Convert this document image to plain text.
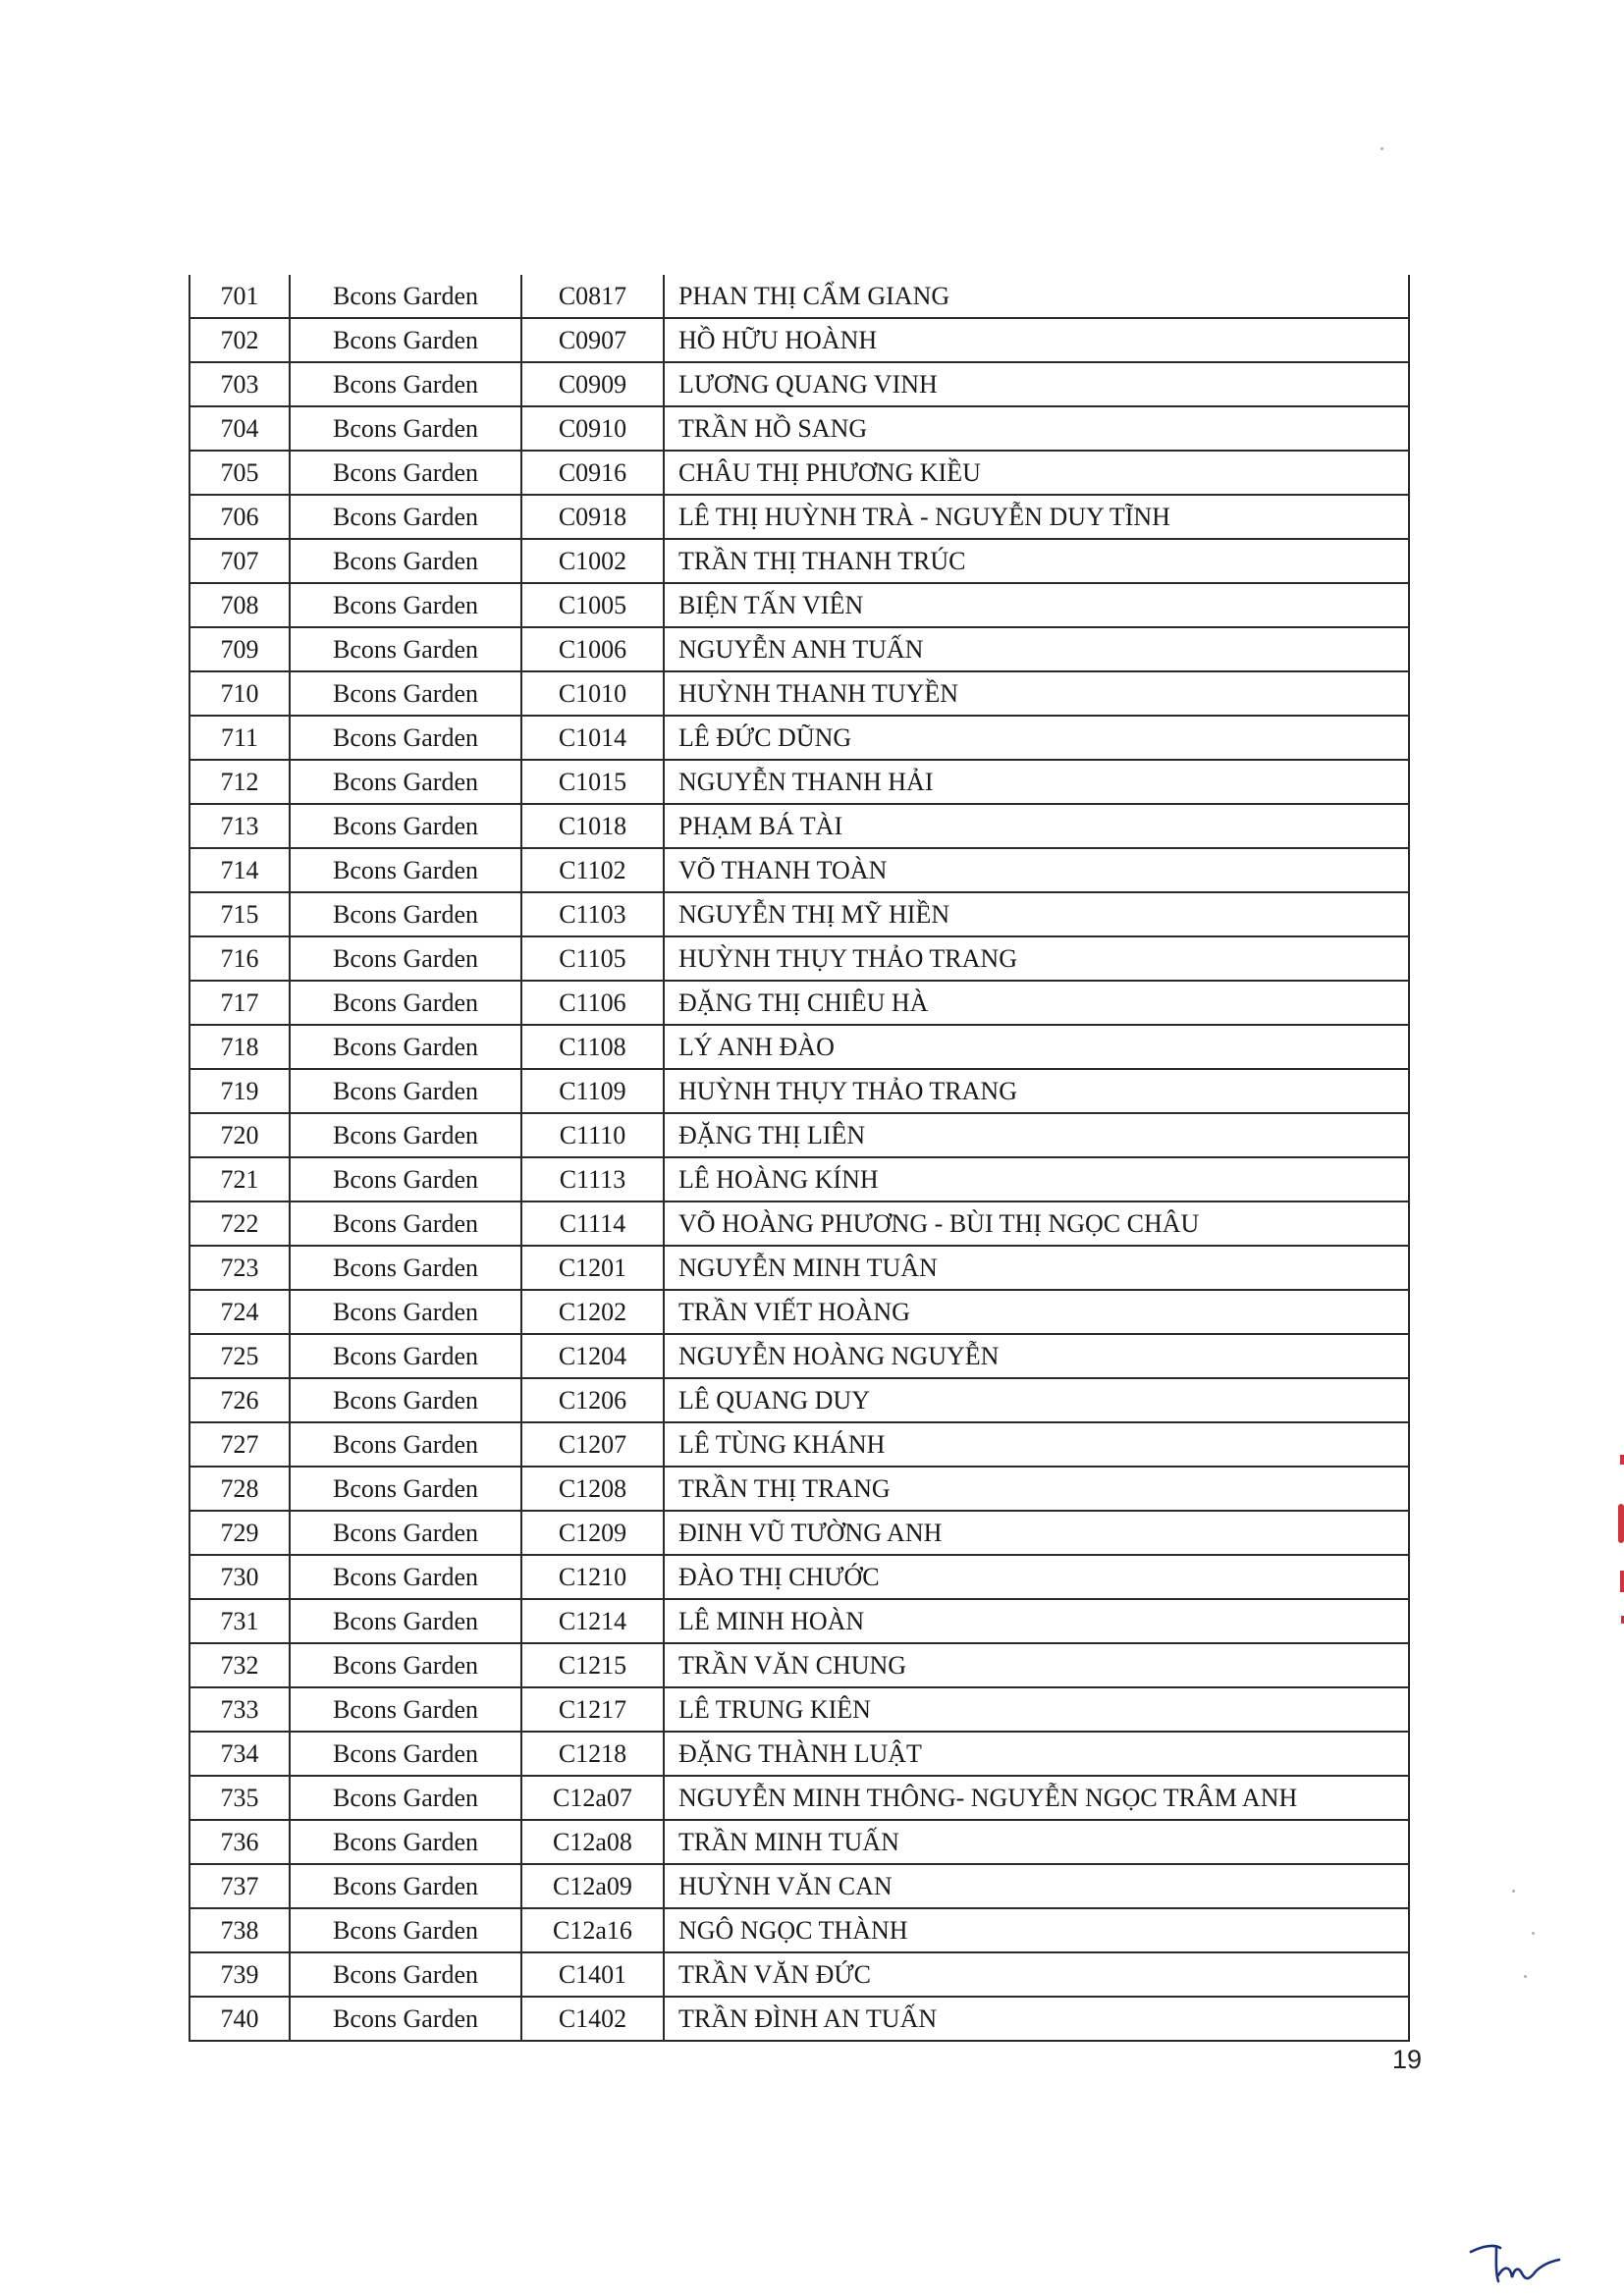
701	Bcons Garden	C0817	PHAN THỊ CẨM GIANG
702	Bcons Garden	C0907	HỒ HỮU HOÀNH
703	Bcons Garden	C0909	LƯƠNG QUANG VINH
704	Bcons Garden	C0910	TRẦN HỒ SANG
705	Bcons Garden	C0916	CHÂU THỊ PHƯƠNG KIỀU
706	Bcons Garden	C0918	LÊ THỊ HUỲNH TRÀ - NGUYỄN DUY TĨNH
707	Bcons Garden	C1002	TRẦN THỊ THANH TRÚC
708	Bcons Garden	C1005	BIỆN TẤN VIÊN
709	Bcons Garden	C1006	NGUYỄN ANH TUẤN
710	Bcons Garden	C1010	HUỲNH THANH TUYỀN
711	Bcons Garden	C1014	LÊ ĐỨC DŨNG
712	Bcons Garden	C1015	NGUYỄN THANH HẢI
713	Bcons Garden	C1018	PHẠM BÁ TÀI
714	Bcons Garden	C1102	VÕ THANH TOÀN
715	Bcons Garden	C1103	NGUYỄN THỊ MỸ HIỀN
716	Bcons Garden	C1105	HUỲNH THỤY THẢO TRANG
717	Bcons Garden	C1106	ĐẶNG THỊ CHIÊU HÀ
718	Bcons Garden	C1108	LÝ ANH ĐÀO
719	Bcons Garden	C1109	HUỲNH THỤY THẢO TRANG
720	Bcons Garden	C1110	ĐẶNG THỊ LIÊN
721	Bcons Garden	C1113	LÊ HOÀNG KÍNH
722	Bcons Garden	C1114	VÕ HOÀNG PHƯƠNG - BÙI THỊ NGỌC CHÂU
723	Bcons Garden	C1201	NGUYỄN MINH TUÂN
724	Bcons Garden	C1202	TRẦN VIẾT HOÀNG
725	Bcons Garden	C1204	NGUYỄN HOÀNG NGUYỄN
726	Bcons Garden	C1206	LÊ QUANG DUY
727	Bcons Garden	C1207	LÊ TÙNG KHÁNH
728	Bcons Garden	C1208	TRẦN THỊ TRANG
729	Bcons Garden	C1209	ĐINH VŨ TƯỜNG ANH
730	Bcons Garden	C1210	ĐÀO THỊ CHƯỚC
731	Bcons Garden	C1214	LÊ MINH HOÀN
732	Bcons Garden	C1215	TRẦN VĂN CHUNG
733	Bcons Garden	C1217	LÊ TRUNG KIÊN
734	Bcons Garden	C1218	ĐẶNG THÀNH LUẬT
735	Bcons Garden	C12a07	NGUYỄN MINH THÔNG- NGUYỄN NGỌC TRÂM ANH
736	Bcons Garden	C12a08	TRẦN MINH TUẤN
737	Bcons Garden	C12a09	HUỲNH VĂN CAN
738	Bcons Garden	C12a16	NGÔ NGỌC THÀNH
739	Bcons Garden	C1401	TRẦN VĂN ĐỨC
740	Bcons Garden	C1402	TRẦN ĐÌNH AN TUẤN
19
